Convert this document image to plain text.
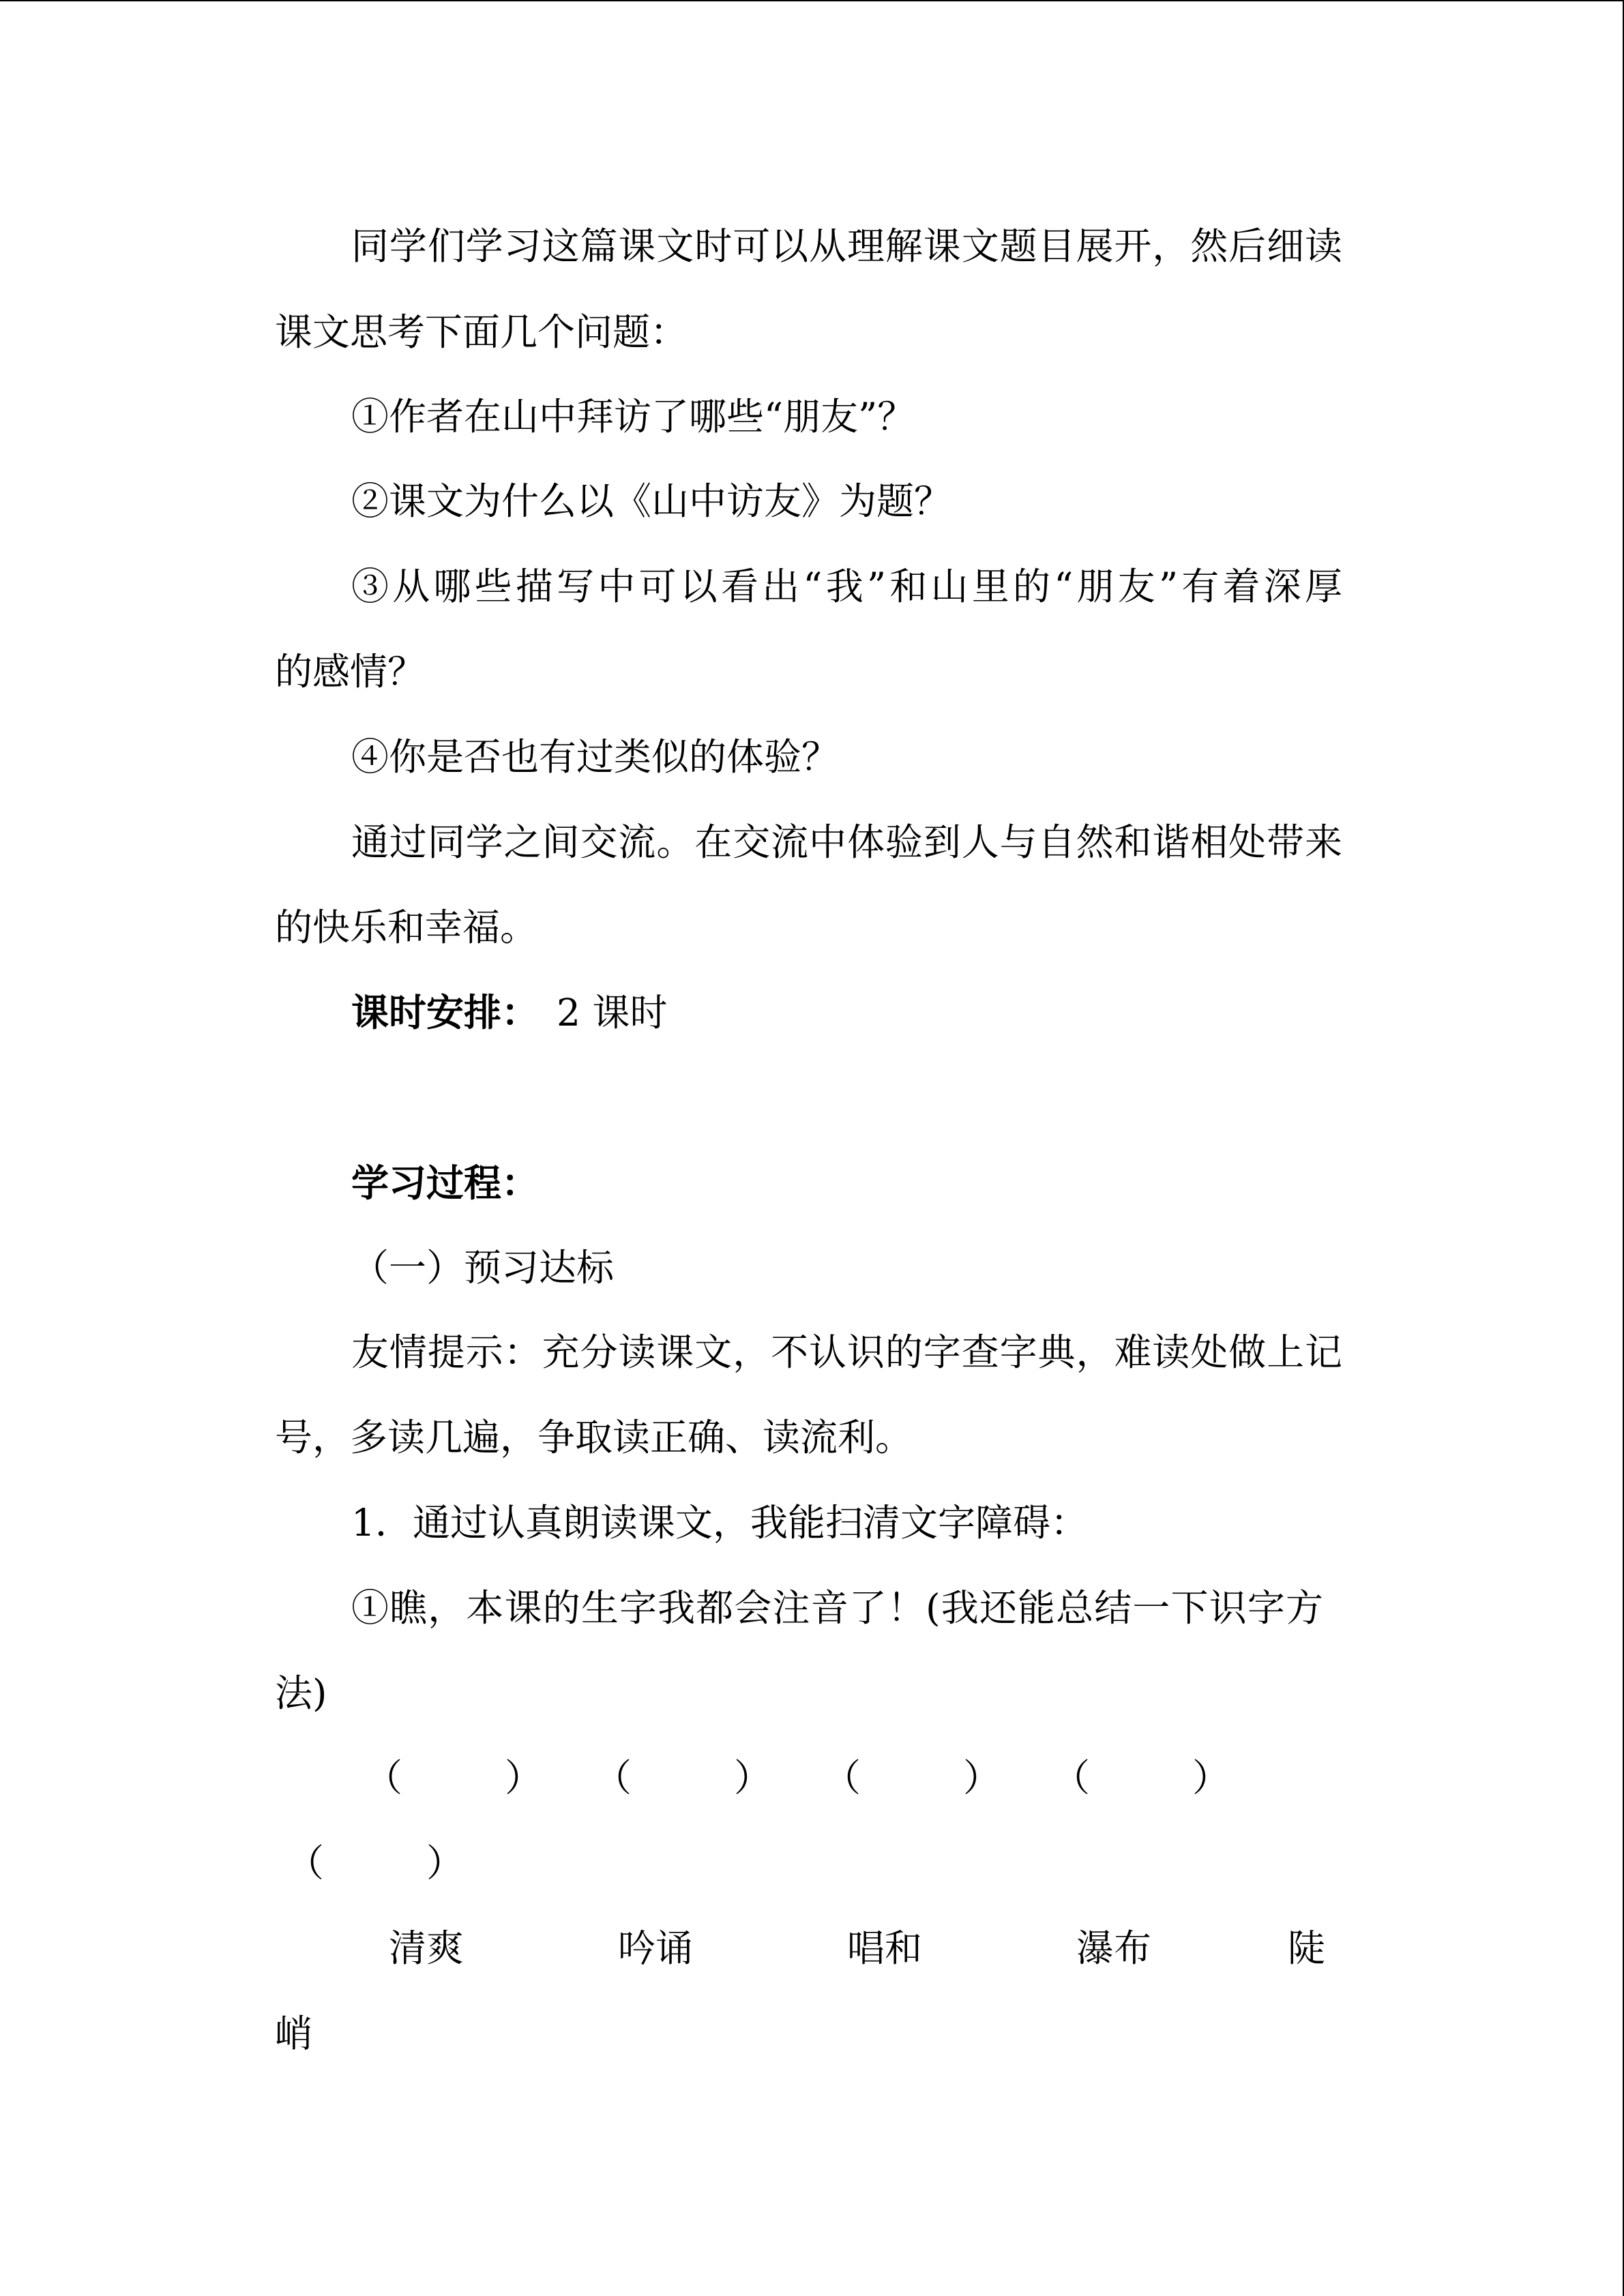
同学们学习这篇课文时可以从理解课文题目展开，然后细读

课文思考下面几个问题：

①作者在山中拜访了哪些“朋友”？

②课文为什么以《山中访友》为题？

③从哪些描写中可以看出“我”和山里的“朋友”有着深厚

的感情？

④你是否也有过类似的体验？

通过同学之间交流。在交流中体验到人与自然和谐相处带来

的快乐和幸福。

课时安排： 2 课时

学习过程：

（一）预习达标

友情提示：充分读课文，不认识的字查字典，难读处做上记

号，多读几遍，争取读正确、读流利。

1．通过认真朗读课文，我能扫清文字障碍：

①瞧，本课的生字我都会注音了！(我还能总结一下识字方

法)

（	） （	） （	） （	）
（	）
清爽	吟诵	唱和	瀑布	陡

峭
